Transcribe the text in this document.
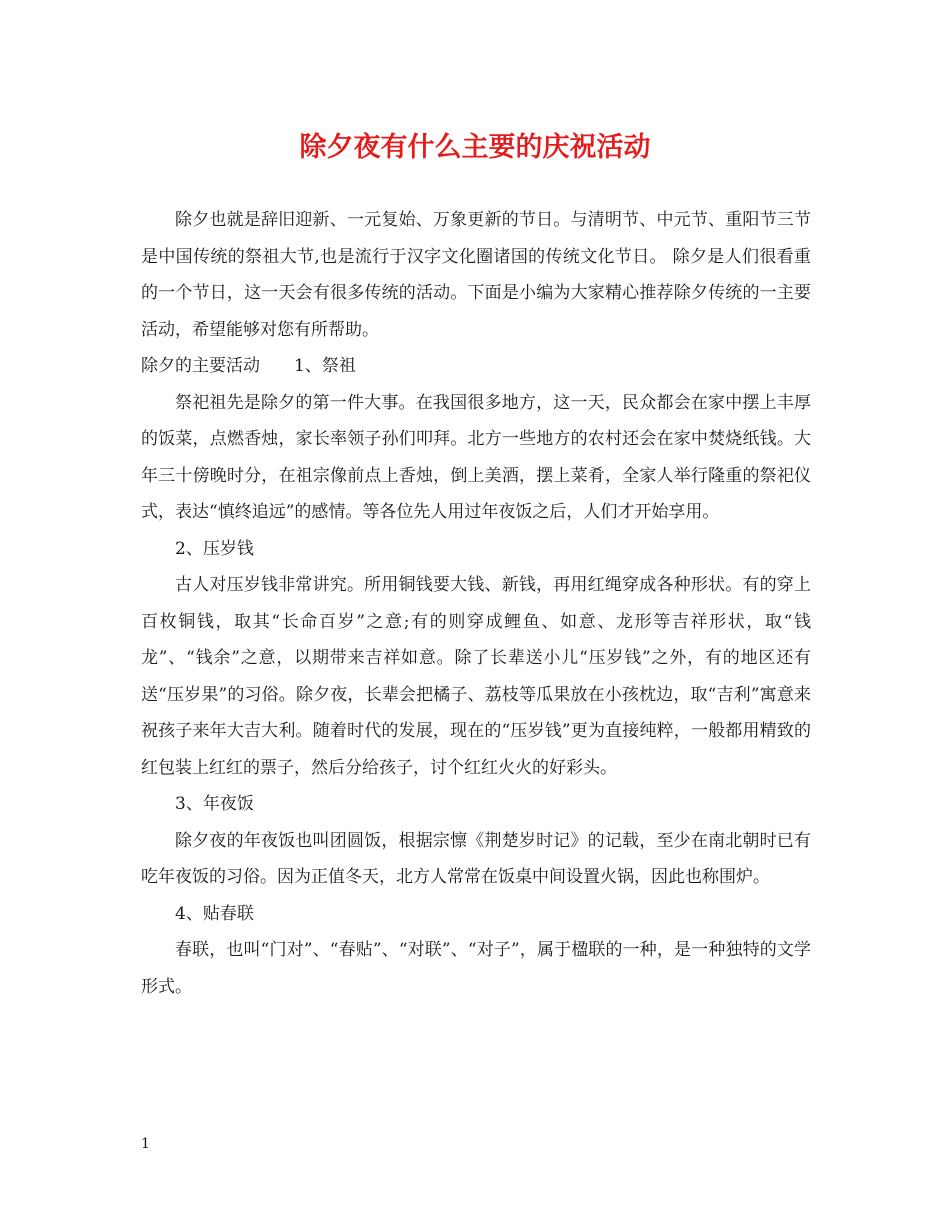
除夕夜有什么主要的庆祝活动

除夕也就是辞旧迎新、一元复始、万象更新的节日。与清明节、中元节、重阳节三节是中国传统的祭祖大节,也是流行于汉字文化圈诸国的传统文化节日。 除夕是人们很看重的一个节日，这一天会有很多传统的活动。下面是小编为大家精心推荐除夕传统的一主要活动，希望能够对您有所帮助。

除夕的主要活动　　1、祭祖

祭祀祖先是除夕的第一件大事。在我国很多地方，这一天，民众都会在家中摆上丰厚的饭菜，点燃香烛，家长率领子孙们叩拜。北方一些地方的农村还会在家中焚烧纸钱。大年三十傍晚时分，在祖宗像前点上香烛，倒上美酒，摆上菜肴，全家人举行隆重的祭祀仪式，表达“慎终追远”的感情。等各位先人用过年夜饭之后，人们才开始享用。

2、压岁钱

古人对压岁钱非常讲究。所用铜钱要大钱、新钱，再用红绳穿成各种形状。有的穿上百枚铜钱，取其“长命百岁”之意;有的则穿成鲤鱼、如意、龙形等吉祥形状，取“钱龙”、“钱余”之意，以期带来吉祥如意。除了长辈送小儿“压岁钱”之外，有的地区还有送“压岁果”的习俗。除夕夜，长辈会把橘子、荔枝等瓜果放在小孩枕边，取“吉利”寓意来祝孩子来年大吉大利。随着时代的发展，现在的“压岁钱”更为直接纯粹，一般都用精致的红包装上红红的票子，然后分给孩子，讨个红红火火的好彩头。

3、年夜饭

除夕夜的年夜饭也叫团圆饭，根据宗懔《荆楚岁时记》的记载，至少在南北朝时已有吃年夜饭的习俗。因为正值冬天，北方人常常在饭桌中间设置火锅，因此也称围炉。

4、贴春联

春联，也叫“门对”、“春贴”、“对联”、“对子”，属于楹联的一种，是一种独特的文学形式。

1
